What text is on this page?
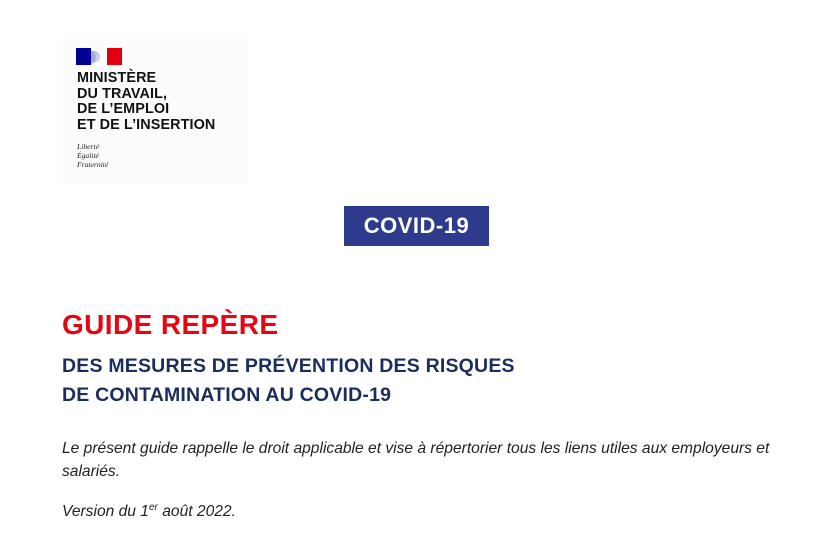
MINISTÈRE
DU TRAVAIL,
DE L’EMPLOI
ET DE L’INSERTION
Liberté
Égalité
Fraternité
COVID-19
GUIDE REPÈRE
DES MESURES DE PRÉVENTION DES RISQUES
DE CONTAMINATION AU COVID-19

Le présent guide rappelle le droit applicable et vise à répertorier tous les liens utiles aux employeurs et salariés.

Version du 1er août 2022.
